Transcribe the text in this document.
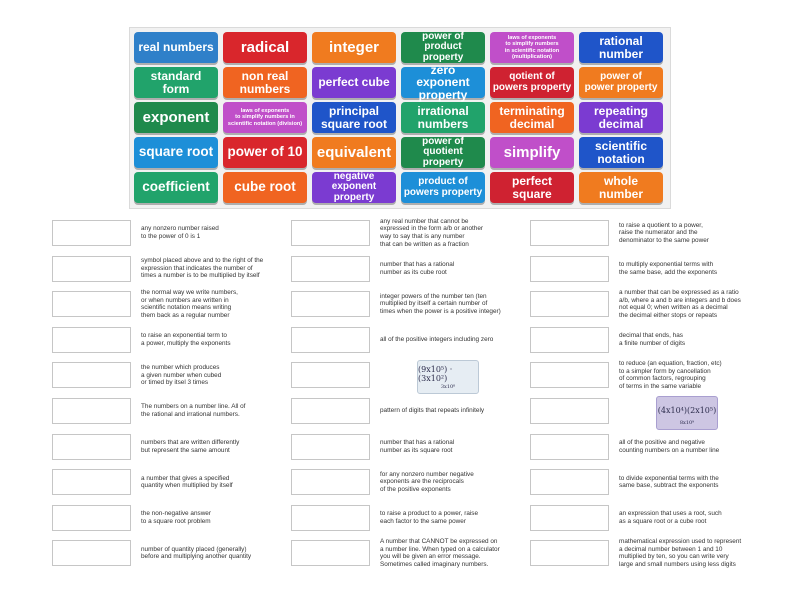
real numbers radical	integer
power of
product property
laws of exponents
to simplify numbers
in scientific notation
(multiplication)
rational
number
standard
form
non real
numbers perfect cube
zero exponent
property
qotient of
powers property
power of
power property
exponent	laws of exponents
to simplify numbers in
scientific notation (division)
principal
square root
irrational
numbers
terminating
decimal
repeating
decimal
square root power of 10 equivalent
power of
quotient property
simplify	scientific
notation
coefficient cube root
negative exponent
property
product of
powers property
perfect
square
whole
number
any nonzero number raised
to the power of 0 is 1
symbol placed above and to the right of the
expression that indicates the number of
times a number is to be multiplied by itself
the normal way we write numbers,
or when numbers are written in
scientific notation means writing
them back as a regular number
to raise an exponential term to
a power, multiply the exponents
the number which produces
a given number when cubed
or timed by itsel 3 times
The numbers on a number line. All of
the rational and irrational numbers.
numbers that are written differently
but represent the same amount
a number that gives a specified
quantity when multiplied by itself
the non-negative answer
to a square root problem
number of quantity placed (generally)
before and multiplying another quantity
any real number that cannot be
expressed in the form a/b or another
way to say that is any number
that can be written as a fraction
number that has a rational
number as its cube root
integer powers of the number ten (ten
multiplied by itself a certain number of
times when the power is a positive integer)
all of the positive integers including zero
(9x10⁵) · (3x10²)
3x10⁸
pattern of digits that repeats infinitely
number that has a rational
number as its square root
for any nonzero number negative
exponents are the reciprocals
of the positive exponents
to raise a product to a power, raise
each factor to the same power
A number that CANNOT be expressed on
a number line. When typed on a calculator
you will be given an error message.
Sometimes called imaginary numbers.
to raise a quotient to a power,
raise the numerator and the
denominator to the same power
to multiply exponential terms with
the same base, add the exponents
a number that can be expressed as a ratio
a/b, where a and b are integers and b does
not equal 0; when written as a decimal
the decimal either stops or repeats
decimal that ends, has
a finite number of digits
to reduce (an equation, fraction, etc)
to a simpler form by cancellation
of common factors, regrouping
of terms in the same variable
(4x10⁴)(2x10⁵)
8x10⁹
all of the positive and negative
counting numbers on a number line
to divide exponential terms with the
same base, subtract the exponents
an expression that uses a root, such
as a square root or a cube root
mathematical expression used to represent
a decimal number between 1 and 10
multiplied by ten, so you can write very
large and small numbers using less digits
